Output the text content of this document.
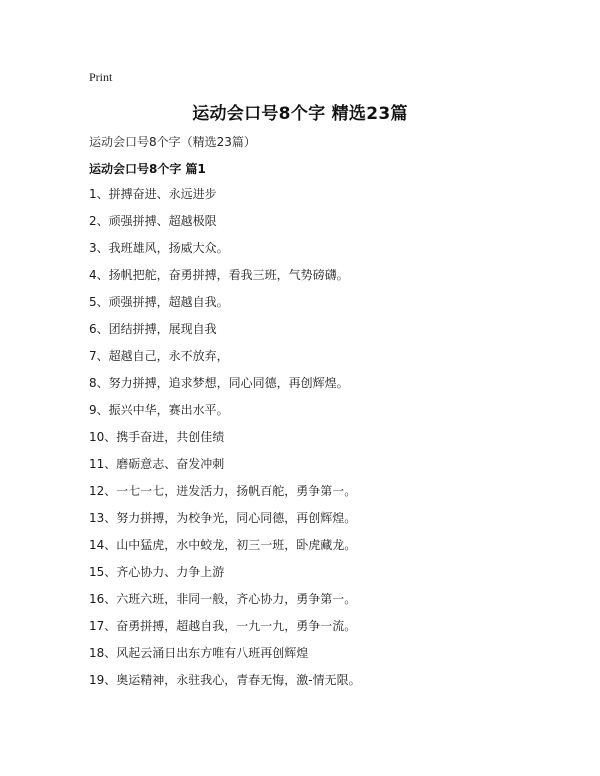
Print
运动会口号8个字 精选23篇
运动会口号8个字（精选23篇）
运动会口号8个字 篇1
1、拼搏奋进、永远进步
2、顽强拼搏、超越极限
3、我班雄风，扬威大众。
4、扬帆把舵，奋勇拼搏，看我三班，气势磅礴。
5、顽强拼搏，超越自我。
6、团结拼搏，展现自我
7、超越自己，永不放弃，
8、努力拼搏，追求梦想，同心同德，再创辉煌。
9、振兴中华，赛出水平。
10、携手奋进，共创佳绩
11、磨砺意志、奋发冲刺
12、一七一七，迸发活力，扬帆百舵，勇争第一。
13、努力拼搏，为校争光，同心同德，再创辉煌。
14、山中猛虎，水中蛟龙，初三一班，卧虎藏龙。
15、齐心协力、力争上游
16、六班六班，非同一般，齐心协力，勇争第一。
17、奋勇拼搏，超越自我，一九一九，勇争一流。
18、风起云涌日出东方唯有八班再创辉煌
19、奥运精神，永驻我心，青春无悔，激-情无限。
